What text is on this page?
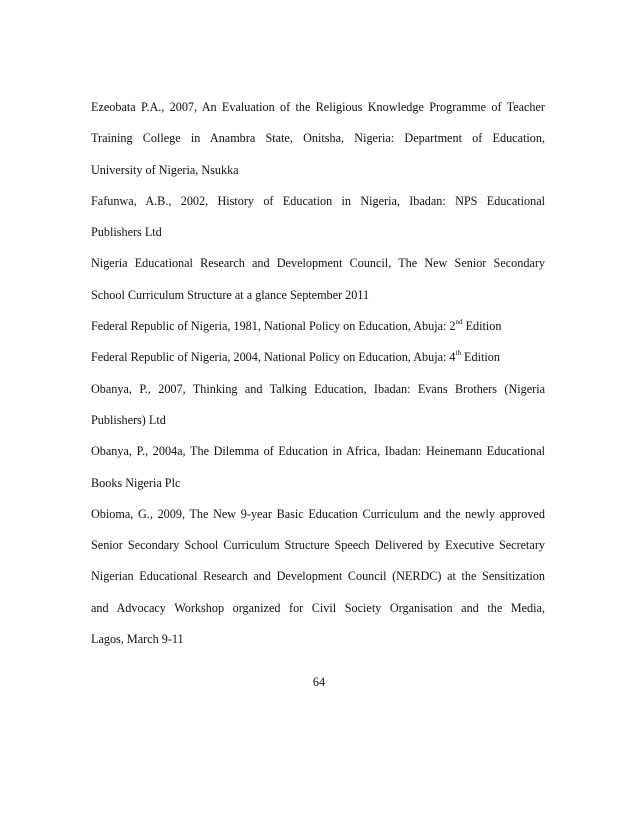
Ezeobata P.A., 2007, An Evaluation of the Religious Knowledge Programme of Teacher
Training College in Anambra State, Onitsha, Nigeria: Department of Education,
University of Nigeria, Nsukka
Fafunwa, A.B., 2002, History of Education in Nigeria, Ibadan: NPS Educational
Publishers Ltd
Nigeria Educational Research and Development Council, The New Senior Secondary
School Curriculum Structure at a glance September 2011
Federal Republic of Nigeria, 1981, National Policy on Education, Abuja: 2nd Edition
Federal Republic of Nigeria, 2004, National Policy on Education, Abuja: 4th Edition
Obanya, P., 2007, Thinking and Talking Education, Ibadan: Evans Brothers (Nigeria
Publishers) Ltd
Obanya, P., 2004a, The Dilemma of Education in Africa, Ibadan: Heinemann Educational
Books Nigeria Plc
Obioma, G., 2009, The New 9-year Basic Education Curriculum and the newly approved
Senior Secondary School Curriculum Structure Speech Delivered by Executive Secretary
Nigerian Educational Research and Development Council (NERDC) at the Sensitization
and Advocacy Workshop organized for Civil Society Organisation and the Media,
Lagos, March 9-11
64
